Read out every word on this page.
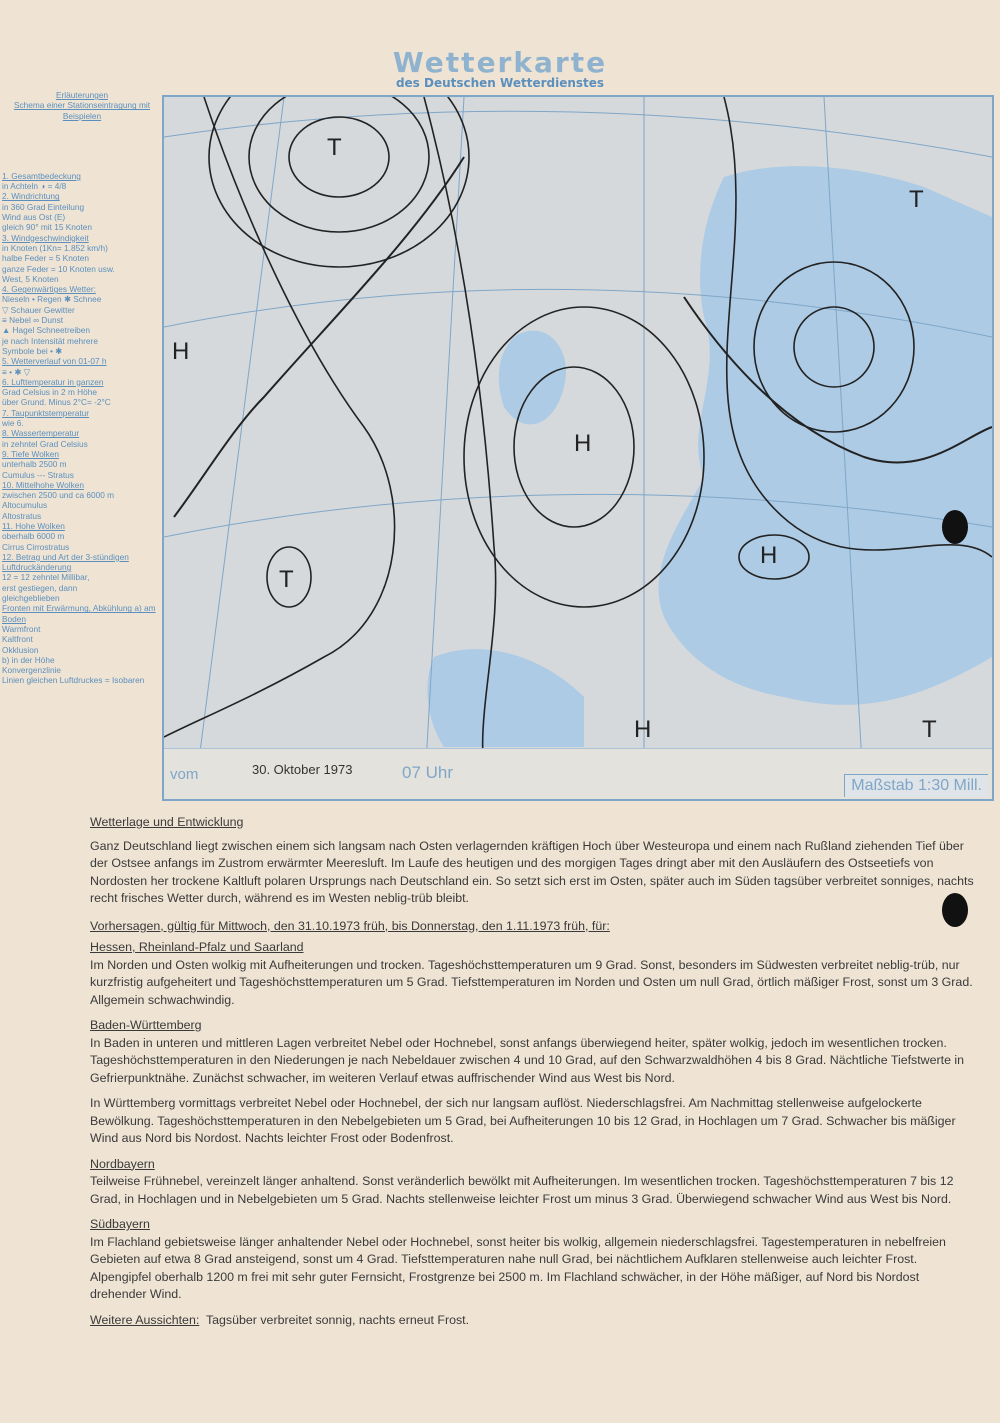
Wetterkarte
des Deutschen Wetterdienstes
Erläuterungen
Schema einer Stationseintragung mit Beispielen
1. Gesamtbedeckung
in Achteln ◑ = 4/8
2. Windrichtung
in 360 Grad Einteilung
Wind aus Ost (E)
gleich 90° mit 15 Knoten
3. Windgeschwindigkeit
in Knoten (1Kn= 1.852 km/h)
halbe Feder = 5 Knoten
ganze Feder = 10 Knoten usw.
West, 5 Knoten
4. Gegenwärtiges Wetter:
Nieseln • Regen ✱ Schnee
▽ Schauer Gewitter
≡ Nebel ∞ Dunst
▲ Hagel Schneetreiben
je nach Intensität mehrere
Symbole bei • ✱
5. Wetterverlauf von 01-07 h
≡ • ✱ ▽
6. Lufttemperatur in ganzen
Grad Celsius in 2 m Höhe
über Grund. Minus 2°C= -2°C
7. Taupunktstemperatur
wie 6.
8. Wassertemperatur
in zehntel Grad Celsius
9. Tiefe Wolken
unterhalb 2500 m
Cumulus --- Stratus
10. Mittelhohe Wolken
zwischen 2500 und ca 6000 m
Altocumulus
Altostratus
11. Hohe Wolken
oberhalb 6000 m
Cirrus Cirrostratus
12. Betrag und Art der 3-stündigen Luftdruckänderung
12 = 12 zehntel Millibar,
erst gestiegen, dann
gleichgeblieben
Fronten mit Erwärmung, Abkühlung a) am Boden
Warmfront
Kaltfront
Okklusion
b) in der Höhe
Konvergenzlinie
Linien gleichen Luftdruckes = Isobaren
H
T
T
H
H
T
H	T
vom	30. Oktober 1973	07 Uhr
Maßstab 1:30 Mill.
Wetterlage und Entwicklung

Ganz Deutschland liegt zwischen einem sich langsam nach Osten verlagernden kräftigen Hoch über Westeuropa und einem nach Rußland ziehenden Tief über der Ostsee anfangs im Zustrom erwärmter Meeresluft. Im Laufe des heutigen und des morgigen Tages dringt aber mit den Ausläufern des Ostseetiefs von Nordosten her trockene Kaltluft polaren Ursprungs nach Deutschland ein. So setzt sich erst im Osten, später auch im Süden tagsüber verbreitet sonniges, nachts recht frisches Wetter durch, während es im Westen neblig-trüb bleibt.

Vorhersagen, gültig für Mittwoch, den 31.10.1973 früh, bis Donnerstag, den 1.11.1973 früh, für:
Hessen, Rheinland-Pfalz und Saarland

Im Norden und Osten wolkig mit Aufheiterungen und trocken. Tageshöchsttemperaturen um 9 Grad. Sonst, besonders im Südwesten verbreitet neblig-trüb, nur kurzfristig aufgeheitert und Tageshöchsttemperaturen um 5 Grad. Tiefsttemperaturen im Norden und Osten um null Grad, örtlich mäßiger Frost, sonst um 3 Grad. Allgemein schwachwindig.

Baden-Württemberg

In Baden in unteren und mittleren Lagen verbreitet Nebel oder Hochnebel, sonst anfangs überwiegend heiter, später wolkig, jedoch im wesentlichen trocken. Tageshöchsttemperaturen in den Niederungen je nach Nebeldauer zwischen 4 und 10 Grad, auf den Schwarzwaldhöhen 4 bis 8 Grad. Nächtliche Tiefstwerte in Gefrierpunktnähe. Zunächst schwacher, im weiteren Verlauf etwas auffrischender Wind aus West bis Nord.

In Württemberg vormittags verbreitet Nebel oder Hochnebel, der sich nur langsam auflöst. Niederschlagsfrei. Am Nachmittag stellenweise aufgelockerte Bewölkung. Tageshöchsttemperaturen in den Nebelgebieten um 5 Grad, bei Aufheiterungen 10 bis 12 Grad, in Hochlagen um 7 Grad. Schwacher bis mäßiger Wind aus Nord bis Nordost. Nachts leichter Frost oder Bodenfrost.

Nordbayern

Teilweise Frühnebel, vereinzelt länger anhaltend. Sonst veränderlich bewölkt mit Aufheiterungen. Im wesentlichen trocken. Tageshöchsttemperaturen 7 bis 12 Grad, in Hochlagen und in Nebelgebieten um 5 Grad. Nachts stellenweise leichter Frost um minus 3 Grad. Überwiegend schwacher Wind aus West bis Nord.

Südbayern

Im Flachland gebietsweise länger anhaltender Nebel oder Hochnebel, sonst heiter bis wolkig, allgemein niederschlagsfrei. Tagestemperaturen in nebelfreien Gebieten auf etwa 8 Grad ansteigend, sonst um 4 Grad. Tiefsttemperaturen nahe null Grad, bei nächtlichem Aufklaren stellenweise auch leichter Frost. Alpengipfel oberhalb 1200 m frei mit sehr guter Fernsicht, Frostgrenze bei 2500 m. Im Flachland schwächer, in der Höhe mäßiger, auf Nord bis Nordost drehender Wind.

Weitere Aussichten: Tagsüber verbreitet sonnig, nachts erneut Frost.
